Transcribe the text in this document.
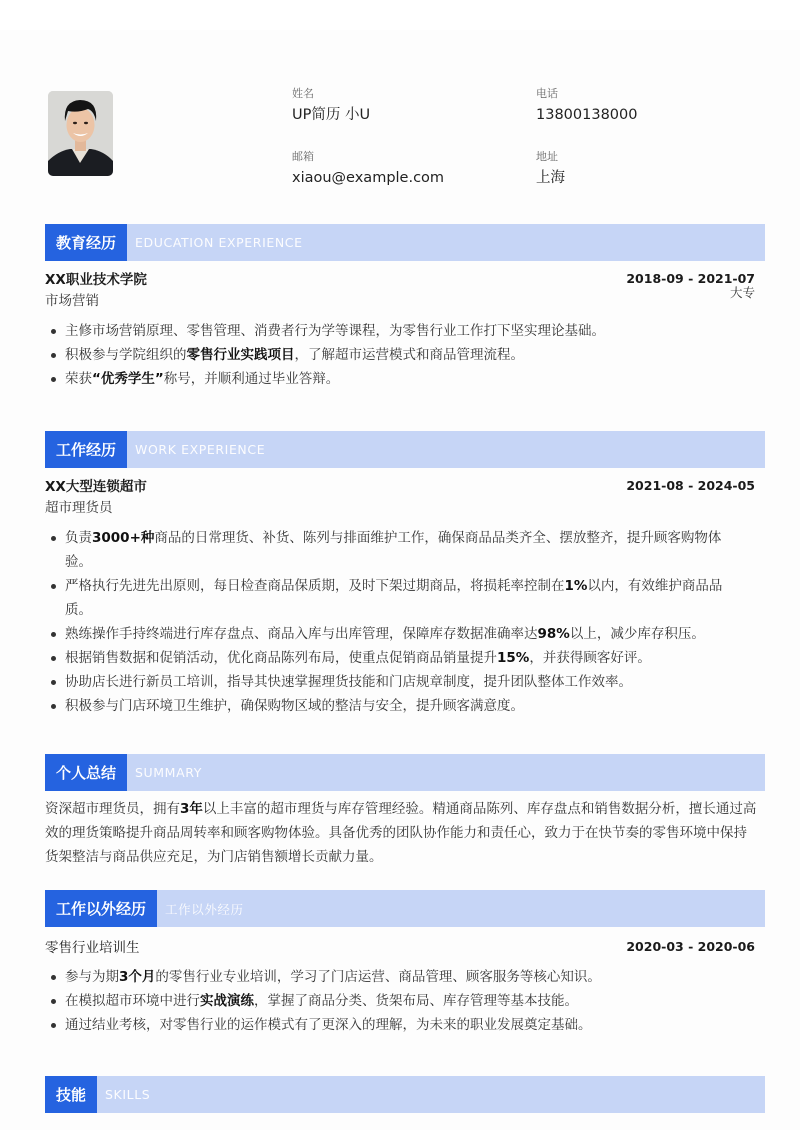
姓名
UP简历 小U
电话
13800138000
邮箱
xiaou@example.com
地址
上海
教育经历	EDUCATION EXPERIENCE
XX职业技术学院	2018-09 - 2021-07
市场营销
大专
主修市场营销原理、零售管理、消费者行为学等课程，为零售行业工作打下坚实理论基础。
积极参与学院组织的零售行业实践项目，了解超市运营模式和商品管理流程。
荣获“优秀学生”称号，并顺利通过毕业答辩。
工作经历	WORK EXPERIENCE
XX大型连锁超市	2021-08 - 2024-05
超市理货员
负责3000+种商品的日常理货、补货、陈列与排面维护工作，确保商品品类齐全、摆放整齐，提升顾客购物体验。
严格执行先进先出原则，每日检查商品保质期，及时下架过期商品，将损耗率控制在1%以内，有效维护商品品质。
熟练操作手持终端进行库存盘点、商品入库与出库管理，保障库存数据准确率达98%以上，减少库存积压。
根据销售数据和促销活动，优化商品陈列布局，使重点促销商品销量提升15%，并获得顾客好评。
协助店长进行新员工培训，指导其快速掌握理货技能和门店规章制度，提升团队整体工作效率。
积极参与门店环境卫生维护，确保购物区域的整洁与安全，提升顾客满意度。
个人总结	SUMMARY
资深超市理货员，拥有3年以上丰富的超市理货与库存管理经验。精通商品陈列、库存盘点和销售数据分析，擅长通过高效的理货策略提升商品周转率和顾客购物体验。具备优秀的团队协作能力和责任心，致力于在快节奏的零售环境中保持货架整洁与商品供应充足，为门店销售额增长贡献力量。
工作以外经历	工作以外经历
零售行业培训生	2020-03 - 2020-06
参与为期3个月的零售行业专业培训，学习了门店运营、商品管理、顾客服务等核心知识。
在模拟超市环境中进行实战演练，掌握了商品分类、货架布局、库存管理等基本技能。
通过结业考核，对零售行业的运作模式有了更深入的理解，为未来的职业发展奠定基础。
技能	SKILLS
